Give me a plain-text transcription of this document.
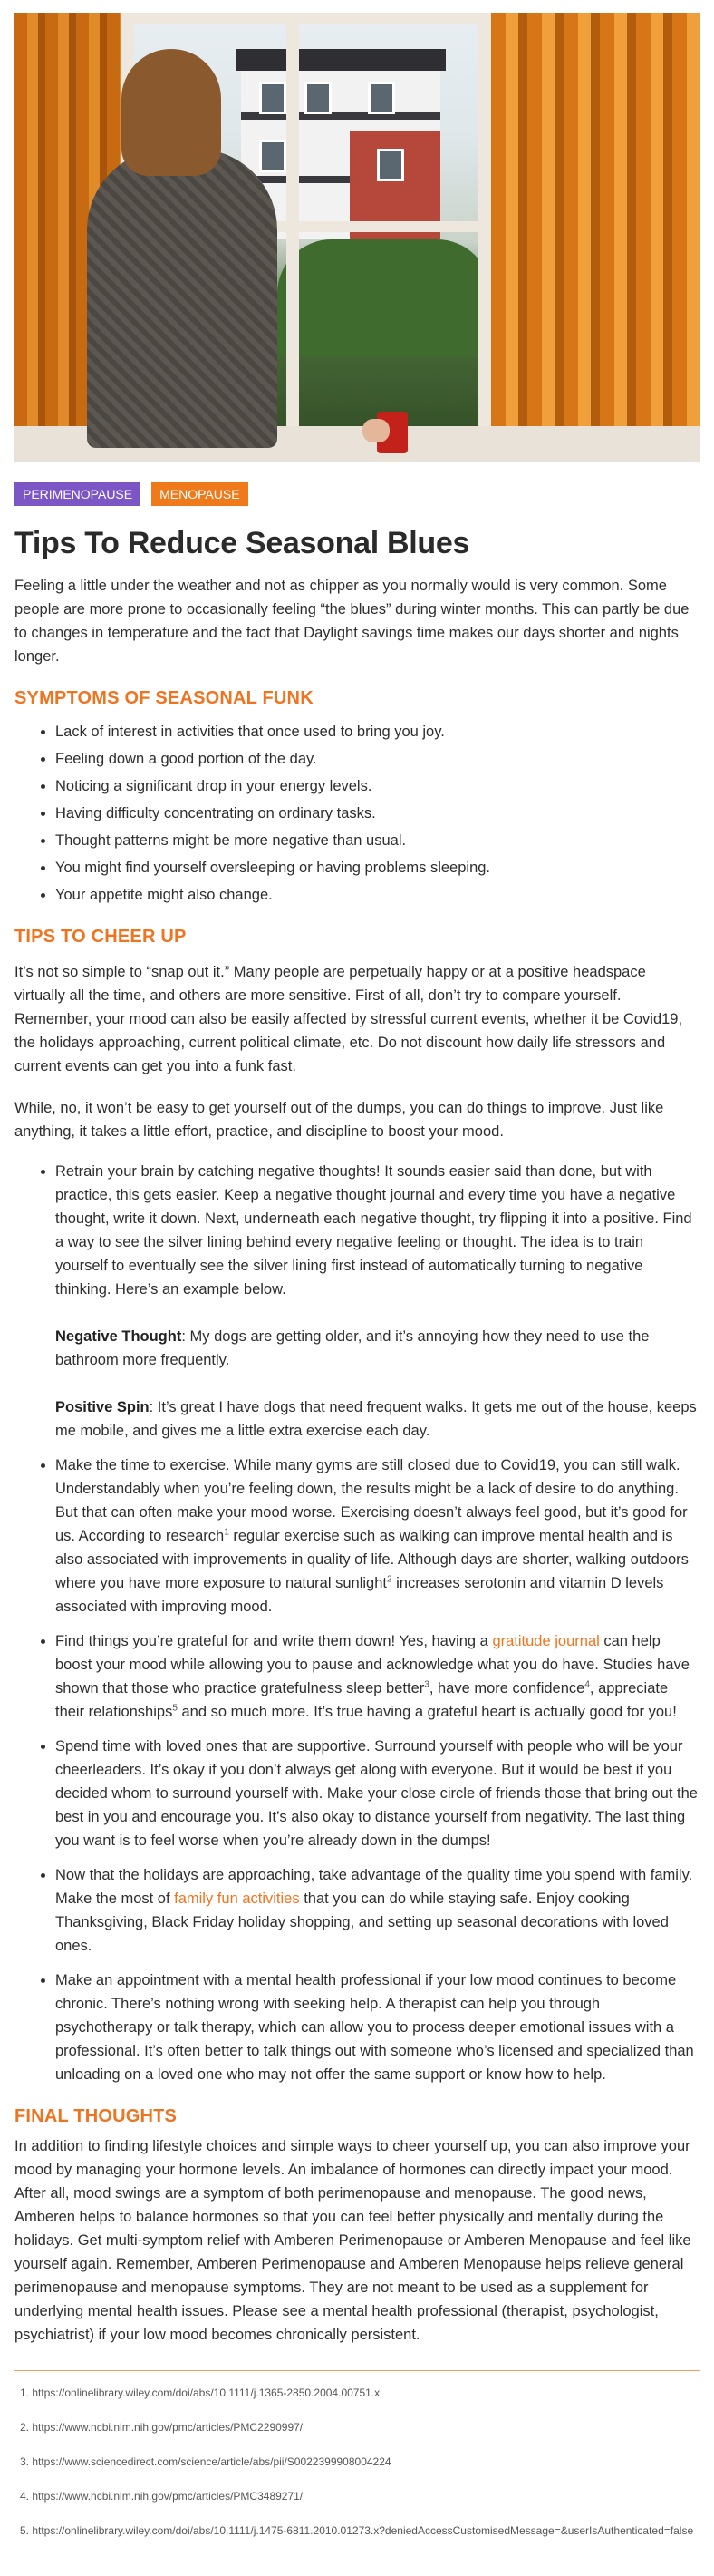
PERIMENOPAUSE	MENOPAUSE
Tips To Reduce Seasonal Blues

Feeling a little under the weather and not as chipper as you normally would is very common. Some people are more prone to occasionally feeling “the blues” during winter months. This can partly be due to changes in temperature and the fact that Daylight savings time makes our days shorter and nights longer.

SYMPTOMS OF SEASONAL FUNK
• Lack of interest in activities that once used to bring you joy.
• Feeling down a good portion of the day.
• Noticing a significant drop in your energy levels.
• Having difficulty concentrating on ordinary tasks.
• Thought patterns might be more negative than usual.
• You might find yourself oversleeping or having problems sleeping.
• Your appetite might also change.
TIPS TO CHEER UP

It’s not so simple to “snap out it.” Many people are perpetually happy or at a positive headspace virtually all the time, and others are more sensitive. First of all, don’t try to compare yourself. Remember, your mood can also be easily affected by stressful current events, whether it be Covid19, the holidays approaching, current political climate, etc. Do not discount how daily life stressors and current events can get you into a funk fast.

While, no, it won’t be easy to get yourself out of the dumps, you can do things to improve. Just like anything, it takes a little effort, practice, and discipline to boost your mood.

• Retrain your brain by catching negative thoughts! It sounds easier said than done, but with practice, this gets easier. Keep a negative thought journal and every time you have a negative thought, write it down. Next, underneath each negative thought, try flipping it into a positive. Find a way to see the silver lining behind every negative feeling or thought. The idea is to train yourself to eventually see the silver lining first instead of automatically turning to negative thinking. Here’s an example below.

Negative Thought: My dogs are getting older, and it’s annoying how they need to use the bathroom more frequently.

Positive Spin: It’s great I have dogs that need frequent walks. It gets me out of the house, keeps me mobile, and gives me a little extra exercise each day.

• Make the time to exercise. While many gyms are still closed due to Covid19, you can still walk. Understandably when you’re feeling down, the results might be a lack of desire to do anything. But that can often make your mood worse. Exercising doesn’t always feel good, but it’s good for us. According to research$^1$ regular exercise such as walking can improve mental health and is also associated with improvements in quality of life. Although days are shorter, walking outdoors where you have more exposure to natural sunlight$^2$ increases serotonin and vitamin D levels associated with improving mood.
• Find things you’re grateful for and write them down! Yes, having a gratitude journal can help boost your mood while allowing you to pause and acknowledge what you do have. Studies have shown that those who practice gratefulness sleep better$^3$, have more confidence$^4$, appreciate their relationships$^5$ and so much more. It’s true having a grateful heart is actually good for you!
• Spend time with loved ones that are supportive. Surround yourself with people who will be your cheerleaders. It’s okay if you don’t always get along with everyone. But it would be best if you decided whom to surround yourself with. Make your close circle of friends those that bring out the best in you and encourage you. It’s also okay to distance yourself from negativity. The last thing you want is to feel worse when you’re already down in the dumps!
• Now that the holidays are approaching, take advantage of the quality time you spend with family. Make the most of family fun activities that you can do while staying safe. Enjoy cooking Thanksgiving, Black Friday holiday shopping, and setting up seasonal decorations with loved ones.
• Make an appointment with a mental health professional if your low mood continues to become chronic. There’s nothing wrong with seeking help. A therapist can help you through psychotherapy or talk therapy, which can allow you to process deeper emotional issues with a professional. It’s often better to talk things out with someone who’s licensed and specialized than unloading on a loved one who may not offer the same support or know how to help.
FINAL THOUGHTS

In addition to finding lifestyle choices and simple ways to cheer yourself up, you can also improve your mood by managing your hormone levels. An imbalance of hormones can directly impact your mood. After all, mood swings are a symptom of both perimenopause and menopause. The good news, Amberen helps to balance hormones so that you can feel better physically and mentally during the holidays. Get multi-symptom relief with Amberen Perimenopause or Amberen Menopause and feel like yourself again. Remember, Amberen Perimenopause and Amberen Menopause helps relieve general perimenopause and menopause symptoms. They are not meant to be used as a supplement for underlying mental health issues. Please see a mental health professional (therapist, psychologist, psychiatrist) if your low mood becomes chronically persistent.

1. https://onlinelibrary.wiley.com/doi/abs/10.1111/j.1365-2850.2004.00751.x
2. https://www.ncbi.nlm.nih.gov/pmc/articles/PMC2290997/
3. https://www.sciencedirect.com/science/article/abs/pii/S0022399908004224
4. https://www.ncbi.nlm.nih.gov/pmc/articles/PMC3489271/
5. https://onlinelibrary.wiley.com/doi/abs/10.1111/j.1475-6811.2010.01273.x?deniedAccessCustomisedMessage=&userIsAuthenticated=false
